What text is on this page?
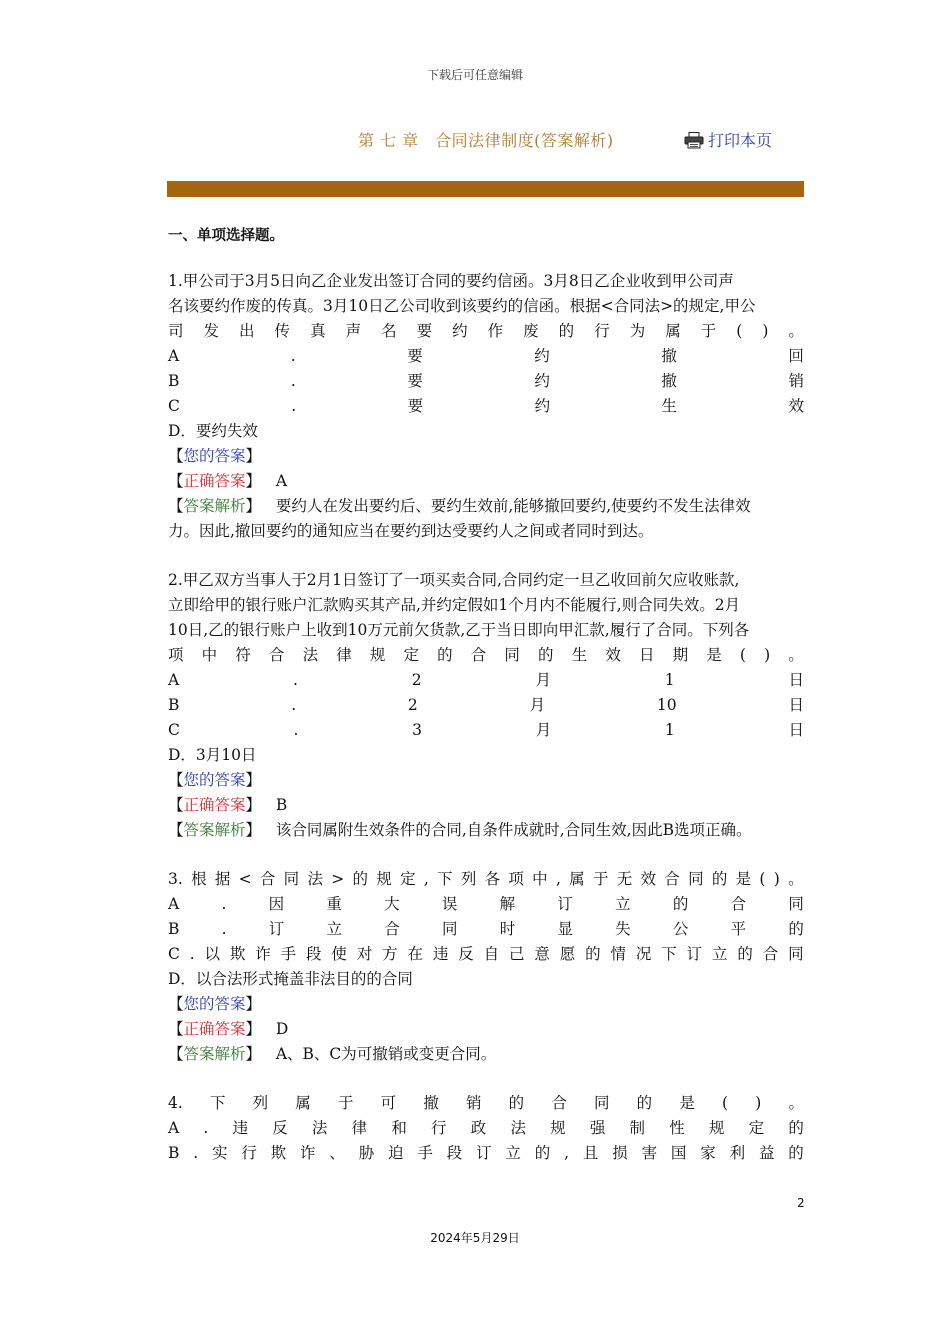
下载后可任意编辑
第 七 章　合同法律制度(答案解析)	打印本页
一、单项选择题。
1.甲公司于3月5日向乙企业发出签订合同的要约信函。3月8日乙企业收到甲公司声
名该要约作废的传真。3月10日乙公司收到该要约的信函。根据<合同法>的规定,甲公
司 发 出 传 真 声 名 要 约 作 废 的 行 为 属 于 ( ) 。
A	.	要	约	撤	回
B	.	要	约	撤	销
C	.	要	约	生	效
D．要约失效
【您的答案】
【正确答案】 A
【答案解析】 要约人在发出要约后、要约生效前,能够撤回要约,使要约不发生法律效
力。因此,撤回要约的通知应当在要约到达受要约人之间或者同时到达。
2.甲乙双方当事人于2月1日签订了一项买卖合同,合同约定一旦乙收回前欠应收账款,
立即给甲的银行账户汇款购买其产品,并约定假如1个月内不能履行,则合同失效。2月
10日,乙的银行账户上收到10万元前欠货款,乙于当日即向甲汇款,履行了合同。下列各
项 中 符 合 法 律 规 定 的 合 同 的 生 效 日 期 是 ( ) 。
A	.	2	月	1	日
B	.	2	月	10	日
C	.	3	月	1	日
D．3月10日
【您的答案】
【正确答案】 B
【答案解析】 该合同属附生效条件的合同,自条件成就时,合同生效,因此B选项正确。
3. 根 据 < 合 同 法 > 的 规 定 , 下 列 各 项 中 , 属 于 无 效 合 同 的 是 ( ) 。
A	.	因	重	大	误	解	订	立	的	合	同
B	.	订	立	合	同	时	显	失	公	平	的
C . 以 欺 诈 手 段 使 对 方 在 违 反 自 己 意 愿 的 情 况 下 订 立 的 合 同
D．以合法形式掩盖非法目的的合同
【您的答案】
【正确答案】 D
【答案解析】 A、B、C为可撤销或变更合同。
4. 下 列 属 于 可 撤 销 的 合 同 的 是 ( ) 。
A . 违 反 法 律 和 行 政 法 规 强 制 性 规 定 的
B . 实 行 欺 诈 、 胁 迫 手 段 订 立 的 , 且 损 害 国 家 利 益 的
2
2024年5月29日
